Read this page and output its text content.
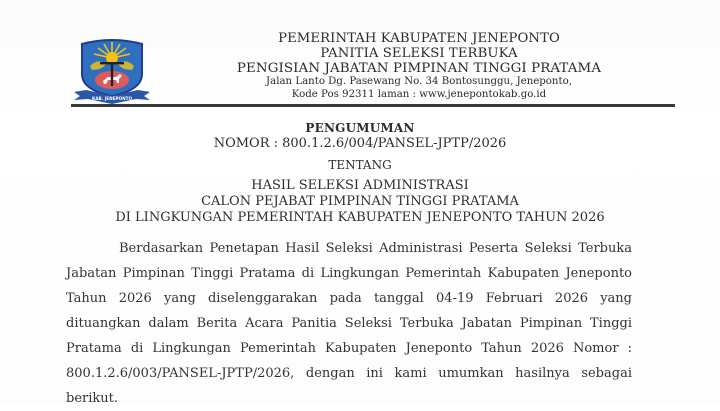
KAB. JENEPONTO
PEMERINTAH KABUPATEN JENEPONTO
PANITIA SELEKSI TERBUKA
PENGISIAN JABATAN PIMPINAN TINGGI PRATAMA
Jalan Lanto Dg. Pasewang No. 34 Bontosunggu, Jeneponto,
Kode Pos 92311 laman : www.jenepontokab.go.id
PENGUMUMAN
NOMOR : 800.1.2.6/004/PANSEL-JPTP/2026
TENTANG
HASIL SELEKSI ADMINISTRASI
CALON PEJABAT PIMPINAN TINGGI PRATAMA
DI LINGKUNGAN PEMERINTAH KABUPATEN JENEPONTO TAHUN 2026

Berdasarkan Penetapan Hasil Seleksi Administrasi Peserta Seleksi Terbuka Jabatan Pimpinan Tinggi Pratama di Lingkungan Pemerintah Kabupaten Jeneponto Tahun 2026 yang diselenggarakan pada tanggal 04-19 Februari 2026 yang dituangkan dalam Berita Acara Panitia Seleksi Terbuka Jabatan Pimpinan Tinggi Pratama di Lingkungan Pemerintah Kabupaten Jeneponto Tahun 2026 Nomor : 800.1.2.6/003/PANSEL-JPTP/2026, dengan ini kami umumkan hasilnya sebagai berikut.
